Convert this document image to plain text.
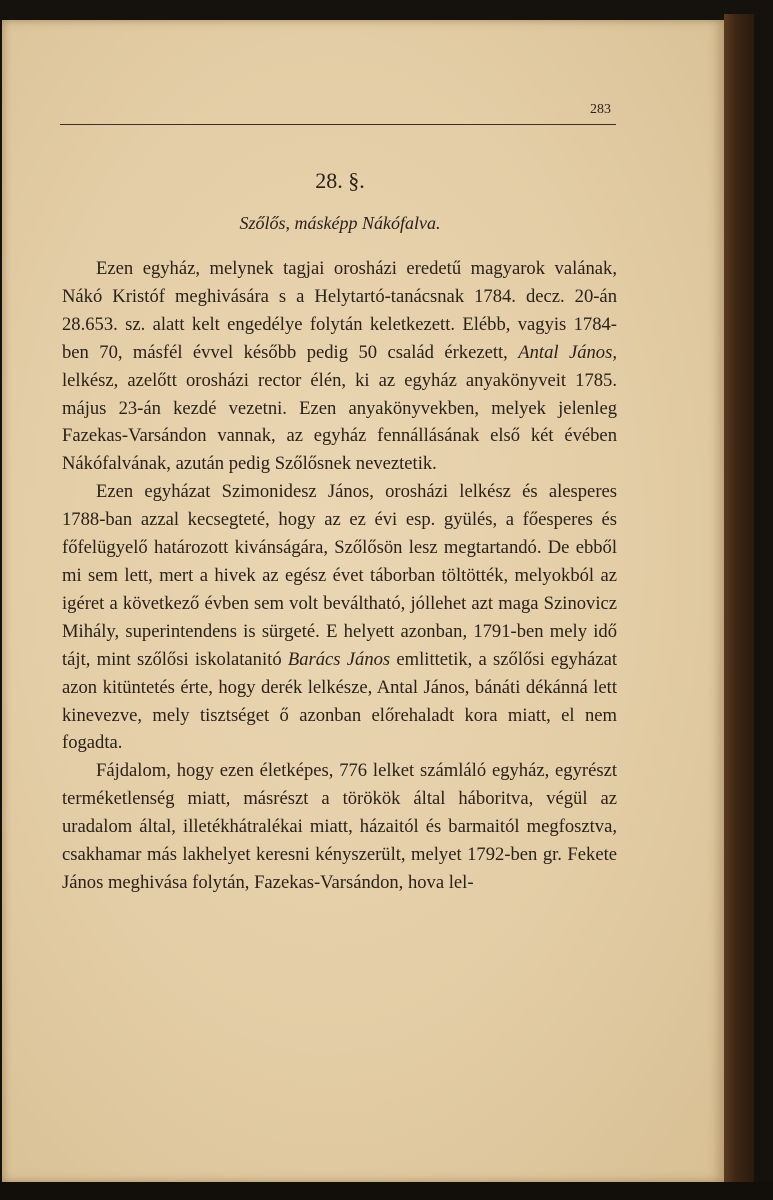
283
28. §.
Szőlős, másképp Nákófalva.

Ezen egyház, melynek tagjai orosházi eredetű magyarok valának, Nákó Kristóf meghivására s a Helytartó-tanácsnak 1784. decz. 20-án 28.653. sz. alatt kelt engedélye folytán keletkezett. Elébb, vagyis 1784-ben 70, másfél évvel később pedig 50 család érkezett, Antal János, lelkész, azelőtt orosházi rector élén, ki az egyház anyakönyveit 1785. május 23-án kezdé vezetni. Ezen anyakönyvekben, melyek jelenleg Fazekas-Varsándon vannak, az egyház fennállásának első két évében Nákófalvának, azután pedig Szőlősnek neveztetik.

Ezen egyházat Szimonidesz János, orosházi lelkész és alesperes 1788-ban azzal kecsegteté, hogy az ez évi esp. gyülés, a főesperes és főfelügyelő határozott kivánságára, Szőlősön lesz megtartandó. De ebből mi sem lett, mert a hivek az egész évet táborban töltötték, melyokból az igéret a következő évben sem volt beváltható, jóllehet azt maga Szinovicz Mihály, superintendens is sürgeté. E helyett azonban, 1791-ben mely idő tájt, mint szőlősi iskolatanitó Barács János emlittetik, a szőlősi egyházat azon kitüntetés érte, hogy derék lelkésze, Antal János, bánáti dékánná lett kinevezve, mely tisztséget ő azonban előrehaladt kora miatt, el nem fogadta.

Fájdalom, hogy ezen életképes, 776 lelket számláló egyház, egyrészt terméketlenség miatt, másrészt a törökök által háboritva, végül az uradalom által, illetékhátralékai miatt, házaitól és barmaitól megfosztva, csakhamar más lakhelyet keresni kényszerült, melyet 1792-ben gr. Fekete János meghivása folytán, Fazekas-Varsándon, hova lel-
